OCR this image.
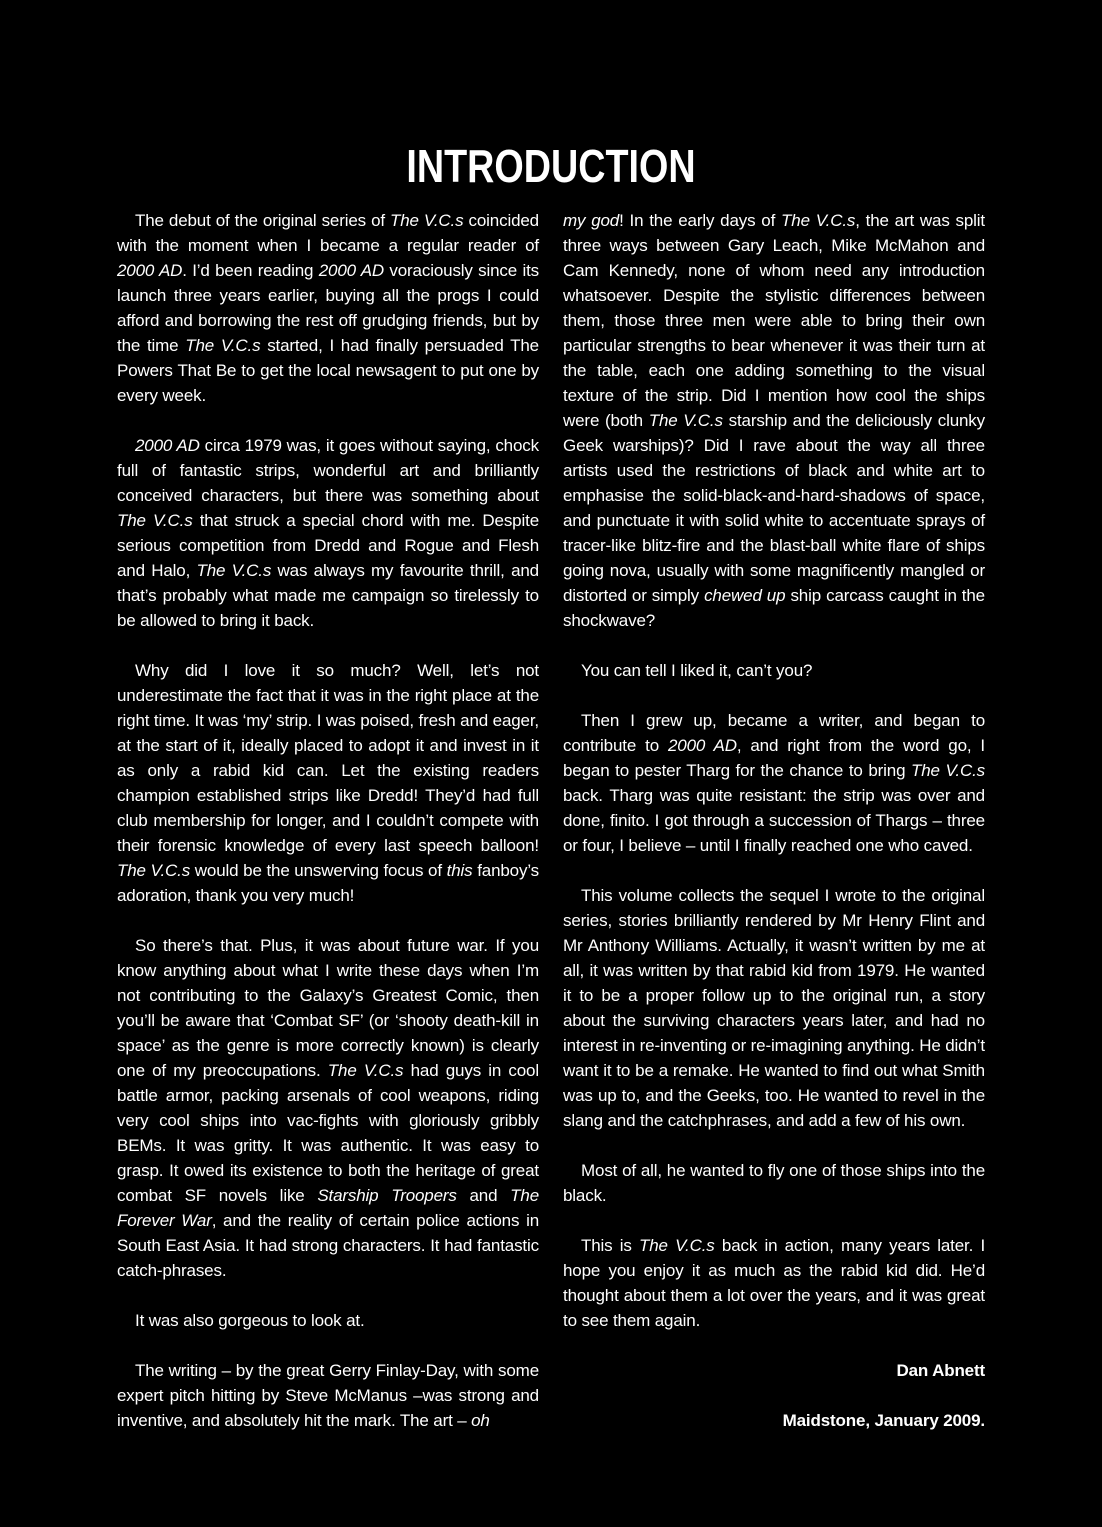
INTRODUCTION

The debut of the original series of The V.C.s coincided with the moment when I became a regular reader of 2000 AD. I’d been reading 2000 AD voraciously since its launch three years earlier, buying all the progs I could afford and borrowing the rest off grudging friends, but by the time The V.C.s started, I had finally persuaded The Powers That Be to get the local newsagent to put one by every week.

2000 AD circa 1979 was, it goes without saying, chock full of fantastic strips, wonderful art and brilliantly conceived characters, but there was something about The V.C.s that struck a special chord with me. Despite serious competition from Dredd and Rogue and Flesh and Halo, The V.C.s was always my favourite thrill, and that’s probably what made me campaign so tirelessly to be allowed to bring it back.

Why did I love it so much? Well, let’s not underestimate the fact that it was in the right place at the right time. It was ‘my’ strip. I was poised, fresh and eager, at the start of it, ideally placed to adopt it and invest in it as only a rabid kid can. Let the existing readers champion established strips like Dredd! They’d had full club membership for longer, and I couldn’t compete with their forensic knowledge of every last speech balloon! The V.C.s would be the unswerving focus of this fanboy’s adoration, thank you very much!

So there’s that. Plus, it was about future war. If you know anything about what I write these days when I’m not contributing to the Galaxy’s Greatest Comic, then you’ll be aware that ‘Combat SF’ (or ‘shooty death-kill in space’ as the genre is more correctly known) is clearly one of my preoccupations. The V.C.s had guys in cool battle armor, packing arsenals of cool weapons, riding very cool ships into vac-fights with gloriously gribbly BEMs. It was gritty. It was authentic. It was easy to grasp. It owed its existence to both the heritage of great combat SF novels like Starship Troopers and The Forever War, and the reality of certain police actions in South East Asia. It had strong characters. It had fantastic catch-phrases.

It was also gorgeous to look at.

The writing – by the great Gerry Finlay-Day, with some expert pitch hitting by Steve McManus –was strong and inventive, and absolutely hit the mark. The art – oh

my god! In the early days of The V.C.s, the art was split three ways between Gary Leach, Mike McMahon and Cam Kennedy, none of whom need any introduction whatsoever. Despite the stylistic differences between them, those three men were able to bring their own particular strengths to bear whenever it was their turn at the table, each one adding something to the visual texture of the strip. Did I mention how cool the ships were (both The V.C.s starship and the deliciously clunky Geek warships)? Did I rave about the way all three artists used the restrictions of black and white art to emphasise the solid-black-and-hard-shadows of space, and punctuate it with solid white to accentuate sprays of tracer-like blitz-fire and the blast-ball white flare of ships going nova, usually with some magnificently mangled or distorted or simply chewed up ship carcass caught in the shockwave?

You can tell I liked it, can’t you?

Then I grew up, became a writer, and began to contribute to 2000 AD, and right from the word go, I began to pester Tharg for the chance to bring The V.C.s back. Tharg was quite resistant: the strip was over and done, finito. I got through a succession of Thargs – three or four, I believe – until I finally reached one who caved.

This volume collects the sequel I wrote to the original series, stories brilliantly rendered by Mr Henry Flint and Mr Anthony Williams. Actually, it wasn’t written by me at all, it was written by that rabid kid from 1979. He wanted it to be a proper follow up to the original run, a story about the surviving characters years later, and had no interest in re-inventing or re-imagining anything. He didn’t want it to be a remake. He wanted to find out what Smith was up to, and the Geeks, too. He wanted to revel in the slang and the catchphrases, and add a few of his own.

Most of all, he wanted to fly one of those ships into the black.

This is The V.C.s back in action, many years later. I hope you enjoy it as much as the rabid kid did. He’d thought about them a lot over the years, and it was great to see them again.

Dan Abnett

Maidstone, January 2009.
